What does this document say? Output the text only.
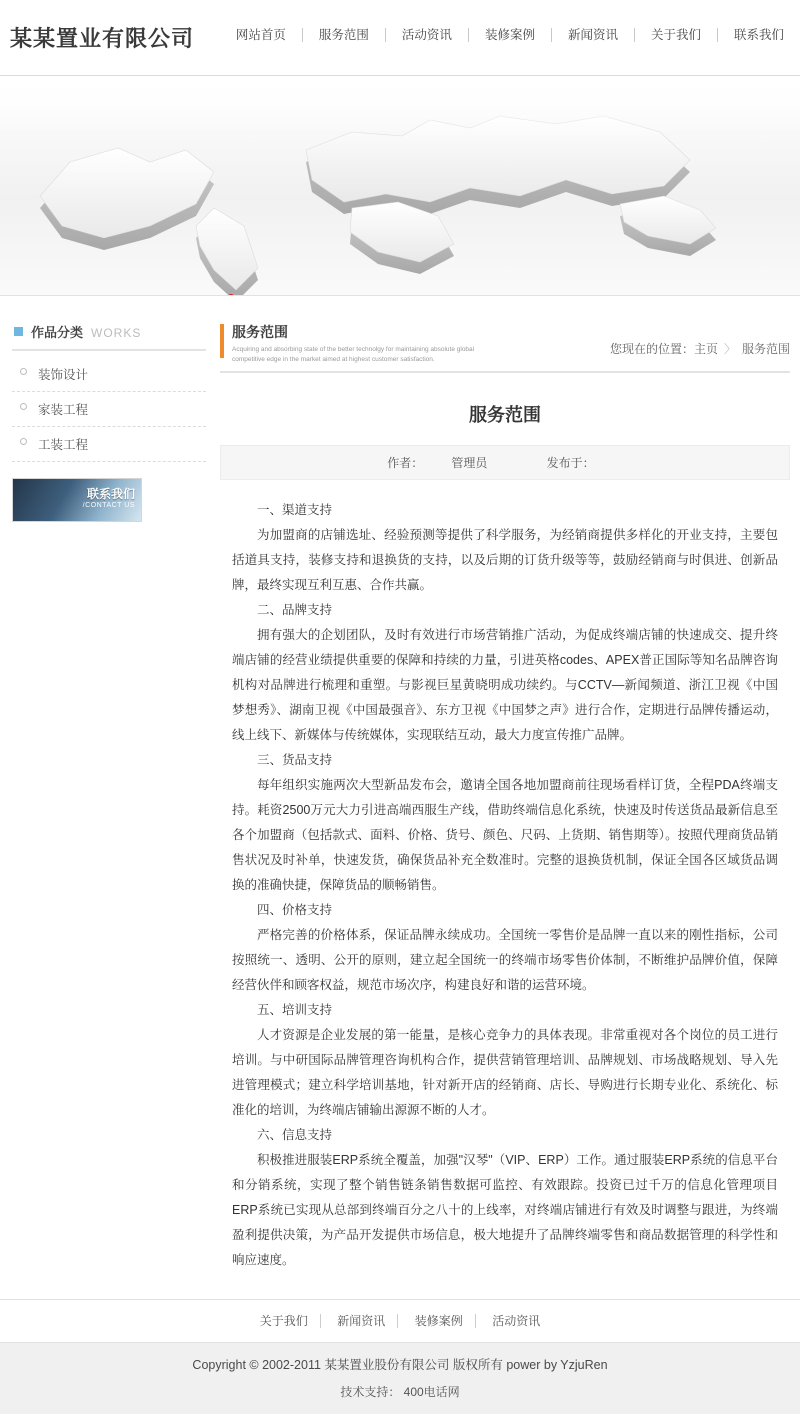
某某置业有限公司	网站首页	服务范围	活动资讯	装修案例	新闻资讯	关于我们	联系我们
作品分类 WORKS
装饰设计
家装工程
工装工程
联系我们
/CONTACT US
服务范围
Acquiring and absorbing state of the better technolgy for maintaining absolute global competitive edge in the market aimed at highest customer satisfaction.
您现在的位置：主页 〉 服务范围
服务范围
作者： 管理员	发布于：

一、渠道支持

为加盟商的店铺选址、经验预测等提供了科学服务，为经销商提供多样化的开业支持，主要包括道具支持，装修支持和退换货的支持，以及后期的订货升级等等，鼓励经销商与时俱进、创新品牌，最终实现互利互惠、合作共赢。

二、品牌支持

拥有强大的企划团队，及时有效进行市场营销推广活动，为促成终端店铺的快速成交、提升终端店铺的经营业绩提供重要的保障和持续的力量，引进英格codes、APEX普正国际等知名品牌咨询机构对品牌进行梳理和重塑。与影视巨星黄晓明成功续约。与CCTV—新闻频道、浙江卫视《中国梦想秀》、湖南卫视《中国最强音》、东方卫视《中国梦之声》进行合作，定期进行品牌传播运动，线上线下、新媒体与传统媒体，实现联结互动，最大力度宣传推广品牌。

三、货品支持

每年组织实施两次大型新品发布会，邀请全国各地加盟商前往现场看样订货，全程PDA终端支持。耗资2500万元大力引进高端西服生产线，借助终端信息化系统，快速及时传送货品最新信息至各个加盟商（包括款式、面料、价格、货号、颜色、尺码、上货期、销售期等）。按照代理商货品销售状况及时补单，快速发货，确保货品补充全数准时。完整的退换货机制，保证全国各区域货品调换的准确快捷，保障货品的顺畅销售。

四、价格支持

严格完善的价格体系，保证品牌永续成功。全国统一零售价是品牌一直以来的刚性指标，公司按照统一、透明、公开的原则，建立起全国统一的终端市场零售价体制，不断维护品牌价值，保障经营伙伴和顾客权益，规范市场次序，构建良好和谐的运营环境。

五、培训支持

人才资源是企业发展的第一能量，是核心竞争力的具体表现。非常重视对各个岗位的员工进行培训。与中研国际品牌管理咨询机构合作，提供营销管理培训、品牌规划、市场战略规划、导入先进管理模式；建立科学培训基地，针对新开店的经销商、店长、导购进行长期专业化、系统化、标准化的培训，为终端店铺输出源源不断的人才。

六、信息支持

积极推进服装ERP系统全覆盖，加强"汉琴"（VIP、ERP）工作。通过服装ERP系统的信息平台和分销系统，实现了整个销售链条销售数据可监控、有效跟踪。投资已过千万的信息化管理项目ERP系统已实现从总部到终端百分之八十的上线率，对终端店铺进行有效及时调整与跟进，为终端盈利提供决策，为产品开发提供市场信息，极大地提升了品牌终端零售和商品数据管理的科学性和响应速度。

关于我们 新闻资讯 装修案例 活动资讯
Copyright © 2002-2011 某某置业股份有限公司 版权所有 power by YzjuRen
技术支持： 400电话网
